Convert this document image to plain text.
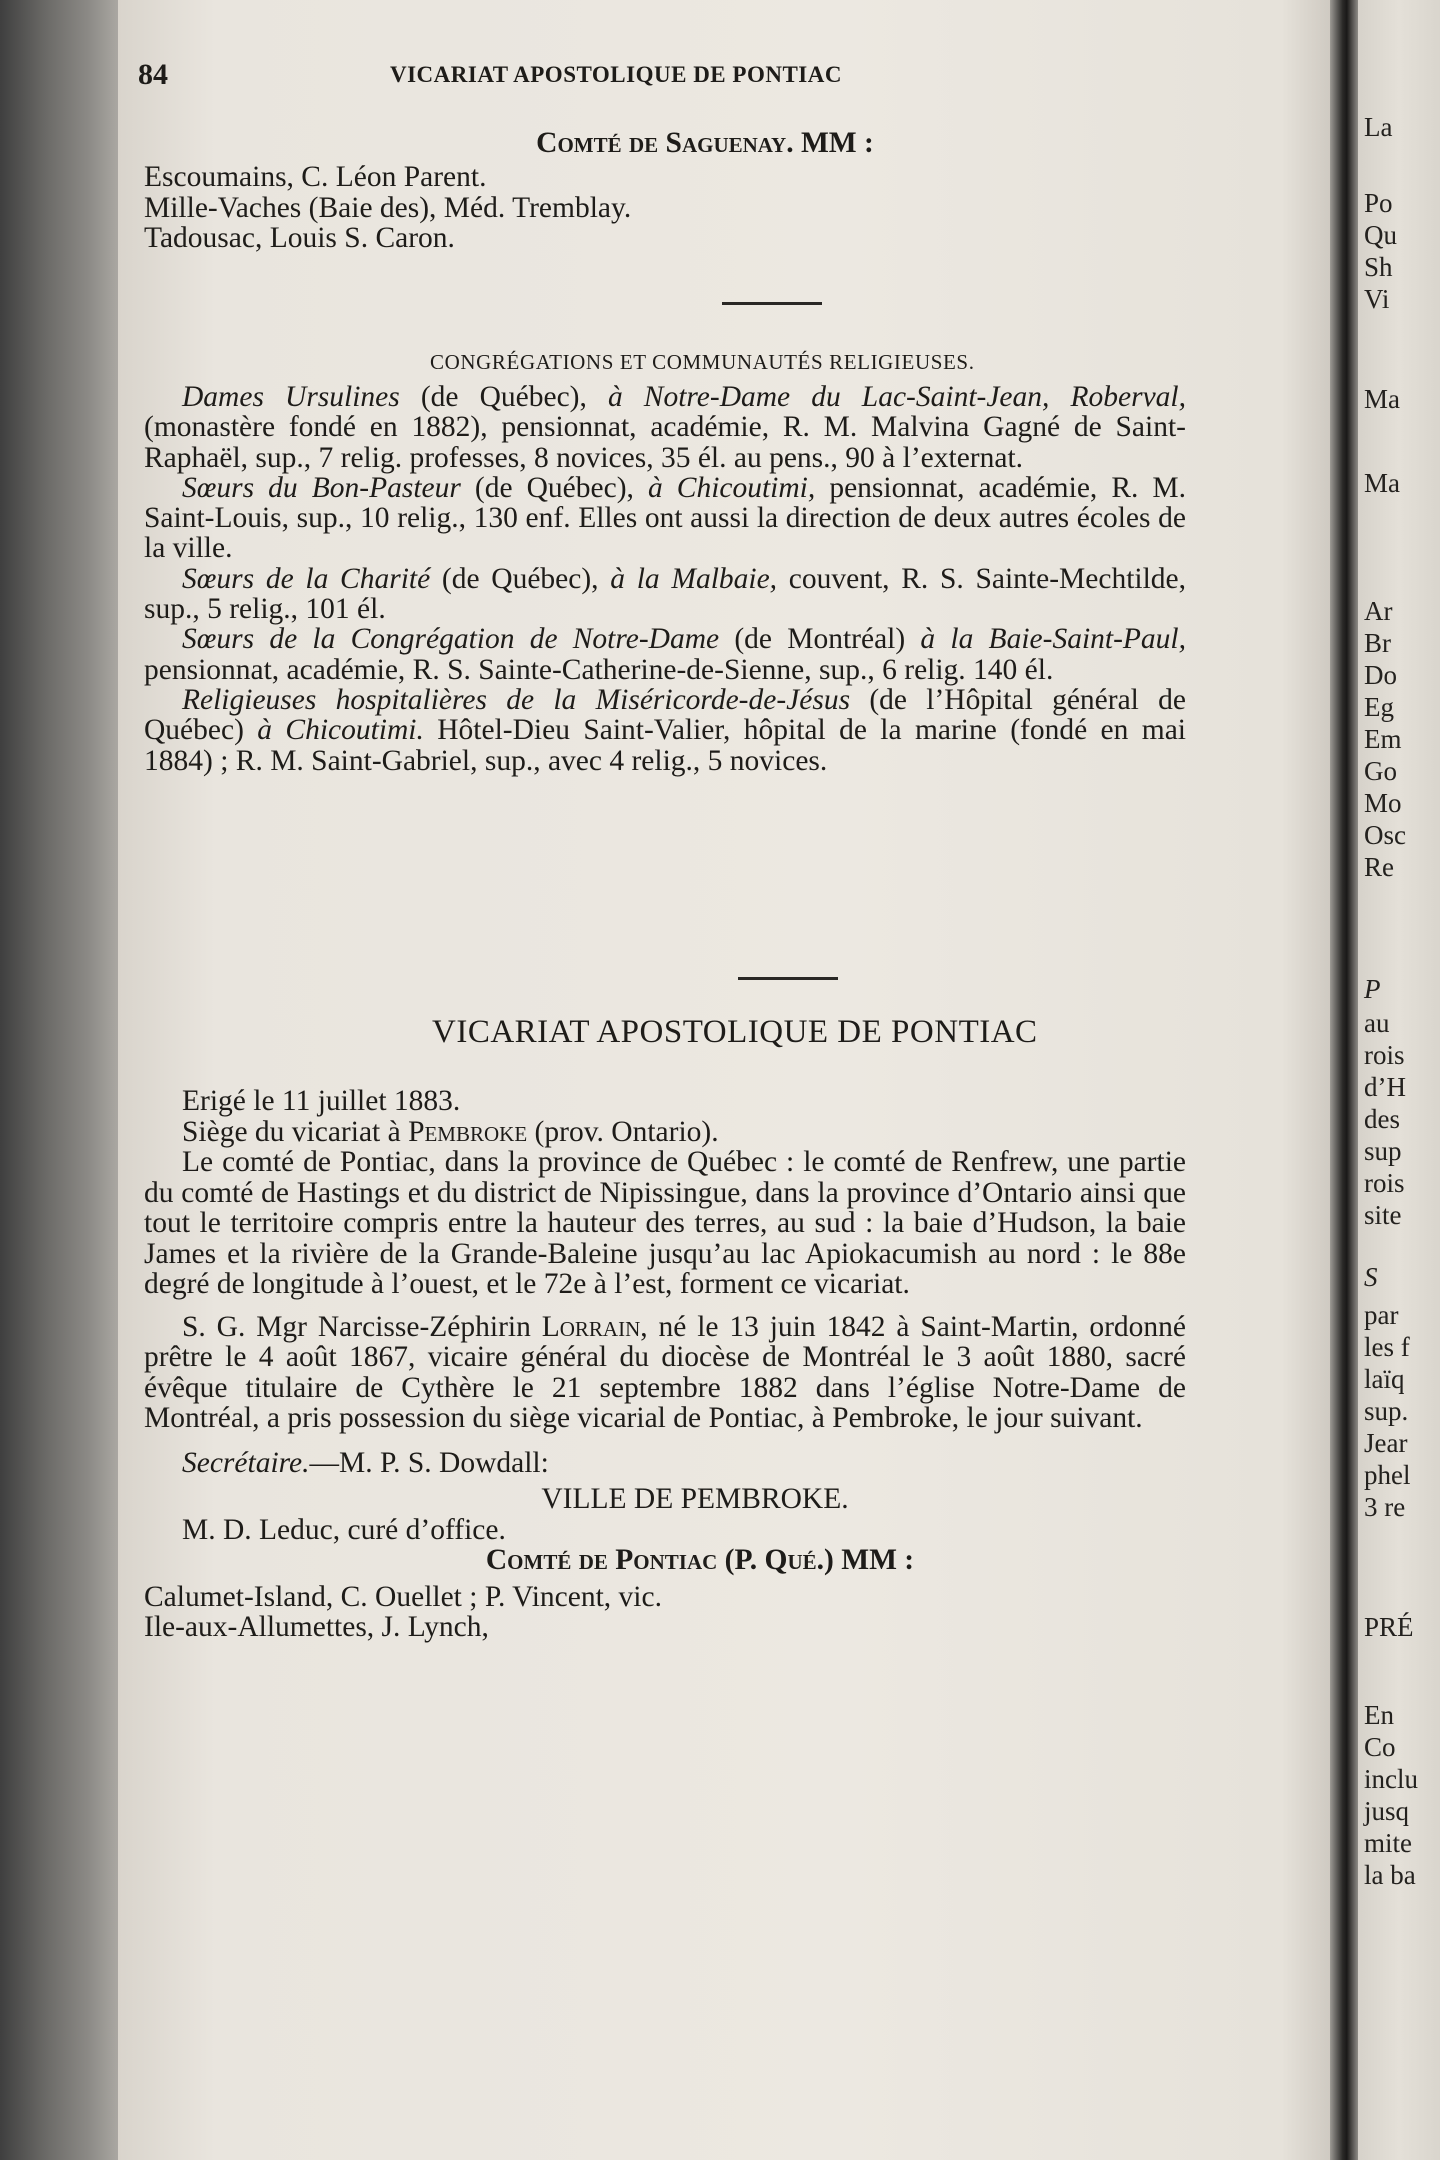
84	VICARIAT APOSTOLIQUE DE PONTIAC

Comté de Saguenay. MM :

Escoumains, C. Léon Parent.

Mille-Vaches (Baie des), Méd. Tremblay.

Tadousac, Louis S. Caron.

CONGRÉGATIONS ET COMMUNAUTÉS RELIGIEUSES.

Dames Ursulines (de Québec), à Notre-Dame du Lac-Saint-Jean, Roberval, (monastère fondé en 1882), pensionnat, académie, R. M. Malvina Gagné de Saint-Raphaël, sup., 7 relig. professes, 8 novices, 35 él. au pens., 90 à l’externat.

Sœurs du Bon-Pasteur (de Québec), à Chicoutimi, pensionnat, académie, R. M. Saint-Louis, sup., 10 relig., 130 enf. Elles ont aussi la direction de deux autres écoles de la ville.

Sœurs de la Charité (de Québec), à la Malbaie, couvent, R. S. Sainte-Mechtilde, sup., 5 relig., 101 él.

Sœurs de la Congrégation de Notre-Dame (de Montréal) à la Baie-Saint-Paul, pensionnat, académie, R. S. Sainte-Catherine-de-Sienne, sup., 6 relig. 140 él.

Religieuses hospitalières de la Miséricorde-de-Jésus (de l’Hôpital général de Québec) à Chicoutimi. Hôtel-Dieu Saint-Valier, hôpital de la marine (fondé en mai 1884) ; R. M. Saint-Gabriel, sup., avec 4 relig., 5 novices.

VICARIAT APOSTOLIQUE DE PONTIAC

Erigé le 11 juillet 1883.

Siège du vicariat à Pembroke (prov. Ontario).

Le comté de Pontiac, dans la province de Québec : le comté de Renfrew, une partie du comté de Hastings et du district de Nipissingue, dans la province d’Ontario ainsi que tout le territoire compris entre la hauteur des terres, au sud : la baie d’Hudson, la baie James et la rivière de la Grande-Baleine jusqu’au lac Apiokacumish au nord : le 88e degré de longitude à l’ouest, et le 72e à l’est, forment ce vicariat.

S. G. Mgr Narcisse-Zéphirin Lorrain, né le 13 juin 1842 à Saint-Martin, ordonné prêtre le 4 août 1867, vicaire général du diocèse de Montréal le 3 août 1880, sacré évêque titulaire de Cythère le 21 septembre 1882 dans l’église Notre-Dame de Montréal, a pris possession du siège vicarial de Pontiac, à Pembroke, le jour suivant.

Secrétaire.—M. P. S. Dowdall:

VILLE DE PEMBROKE.

M. D. Leduc, curé d’office.

Comté de Pontiac (P. Qué.) MM :

Calumet-Island, C. Ouellet ; P. Vincent, vic.

Ile-aux-Allumettes, J. Lynch,

La
Po
Qu
Sh
Vi
Ma
Ma
Ar
Br
Do
Eg
Em
Go
Mo
Osc
Re
P
au
rois
d’H
des
sup
rois
site
S
par
les f
laïq
sup.
Jear
phel
3 re
PRÉ
En
Co
inclu
jusq
mite
la ba
